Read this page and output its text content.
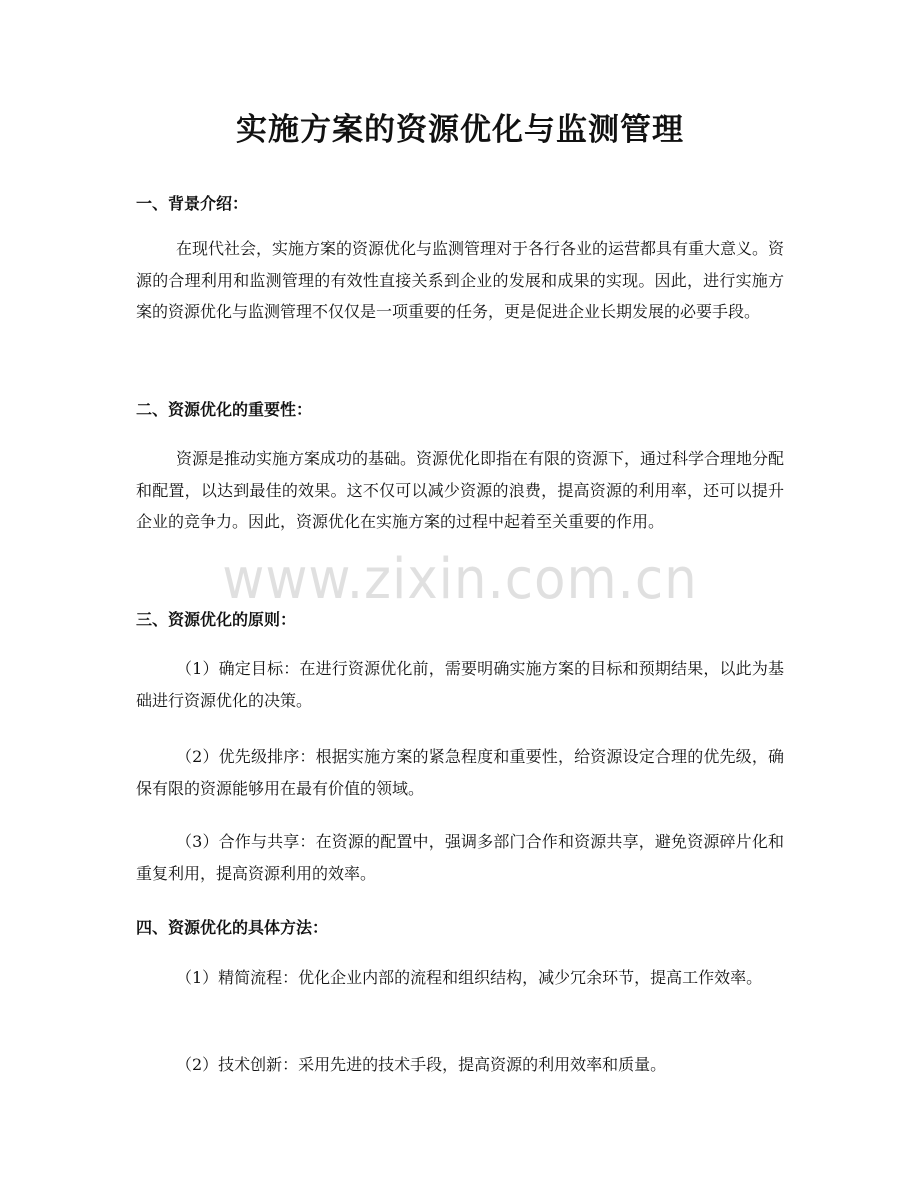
实施方案的资源优化与监测管理
一、背景介绍：

在现代社会，实施方案的资源优化与监测管理对于各行各业的运营都具有重大意义。资源的合理利用和监测管理的有效性直接关系到企业的发展和成果的实现。因此，进行实施方案的资源优化与监测管理不仅仅是一项重要的任务，更是促进企业长期发展的必要手段。

二、资源优化的重要性：

资源是推动实施方案成功的基础。资源优化即指在有限的资源下，通过科学合理地分配和配置，以达到最佳的效果。这不仅可以减少资源的浪费，提高资源的利用率，还可以提升企业的竞争力。因此，资源优化在实施方案的过程中起着至关重要的作用。

三、资源优化的原则：

（1）确定目标：在进行资源优化前，需要明确实施方案的目标和预期结果，以此为基础进行资源优化的决策。

（2）优先级排序：根据实施方案的紧急程度和重要性，给资源设定合理的优先级，确保有限的资源能够用在最有价值的领域。

（3）合作与共享：在资源的配置中，强调多部门合作和资源共享，避免资源碎片化和重复利用，提高资源利用的效率。

四、资源优化的具体方法：

（1）精简流程：优化企业内部的流程和组织结构，减少冗余环节，提高工作效率。

（2）技术创新：采用先进的技术手段，提高资源的利用效率和质量。

www.zixin.com.cn
